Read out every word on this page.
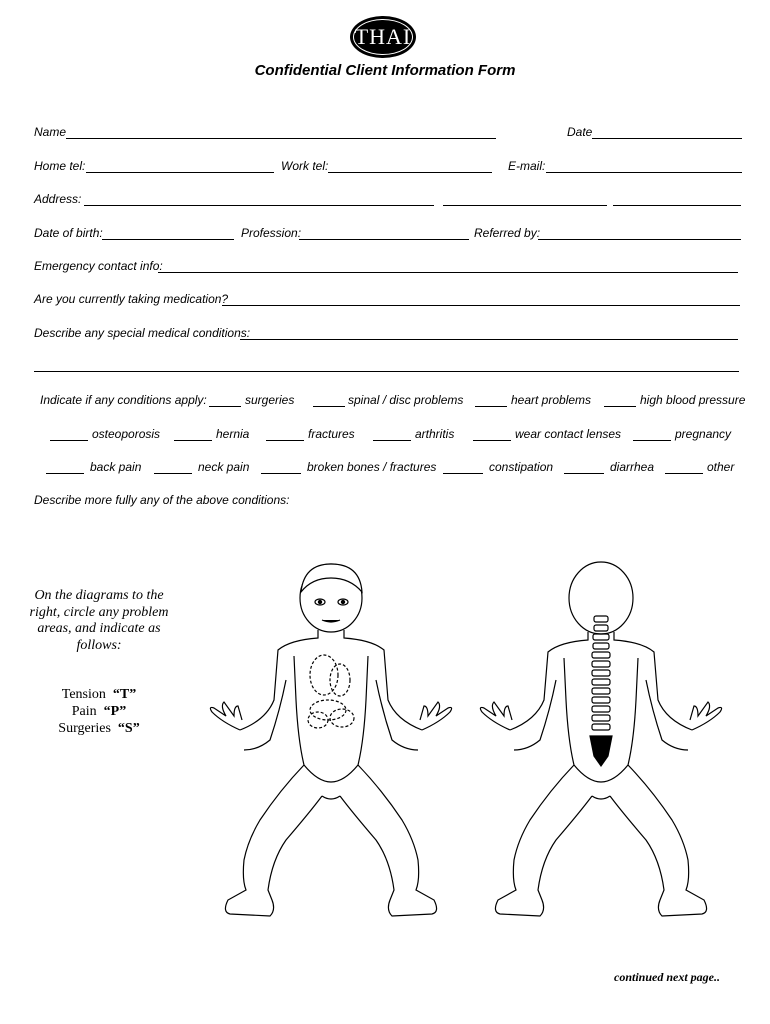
THAI
Confidential Client Information Form
Name	Date
Home tel:	Work tel:	E-mail:
Address:
Date of birth:	Profession:	Referred by:
Emergency contact info:
Are you currently taking medication?
Describe any special medical conditions:
Indicate if any conditions apply:	surgeries	spinal / disc problems	heart problems	high blood pressure
osteoporosis	hernia	fractures	arthritis	wear contact lenses	pregnancy
back pain	neck pain	broken bones / fractures	constipation	diarrhea	other
Describe more fully any of the above conditions:
On the diagrams to the right, circle any problem areas, and indicate as follows:
Tension “T”
Pain “P”
Surgeries “S”
continued next page..
